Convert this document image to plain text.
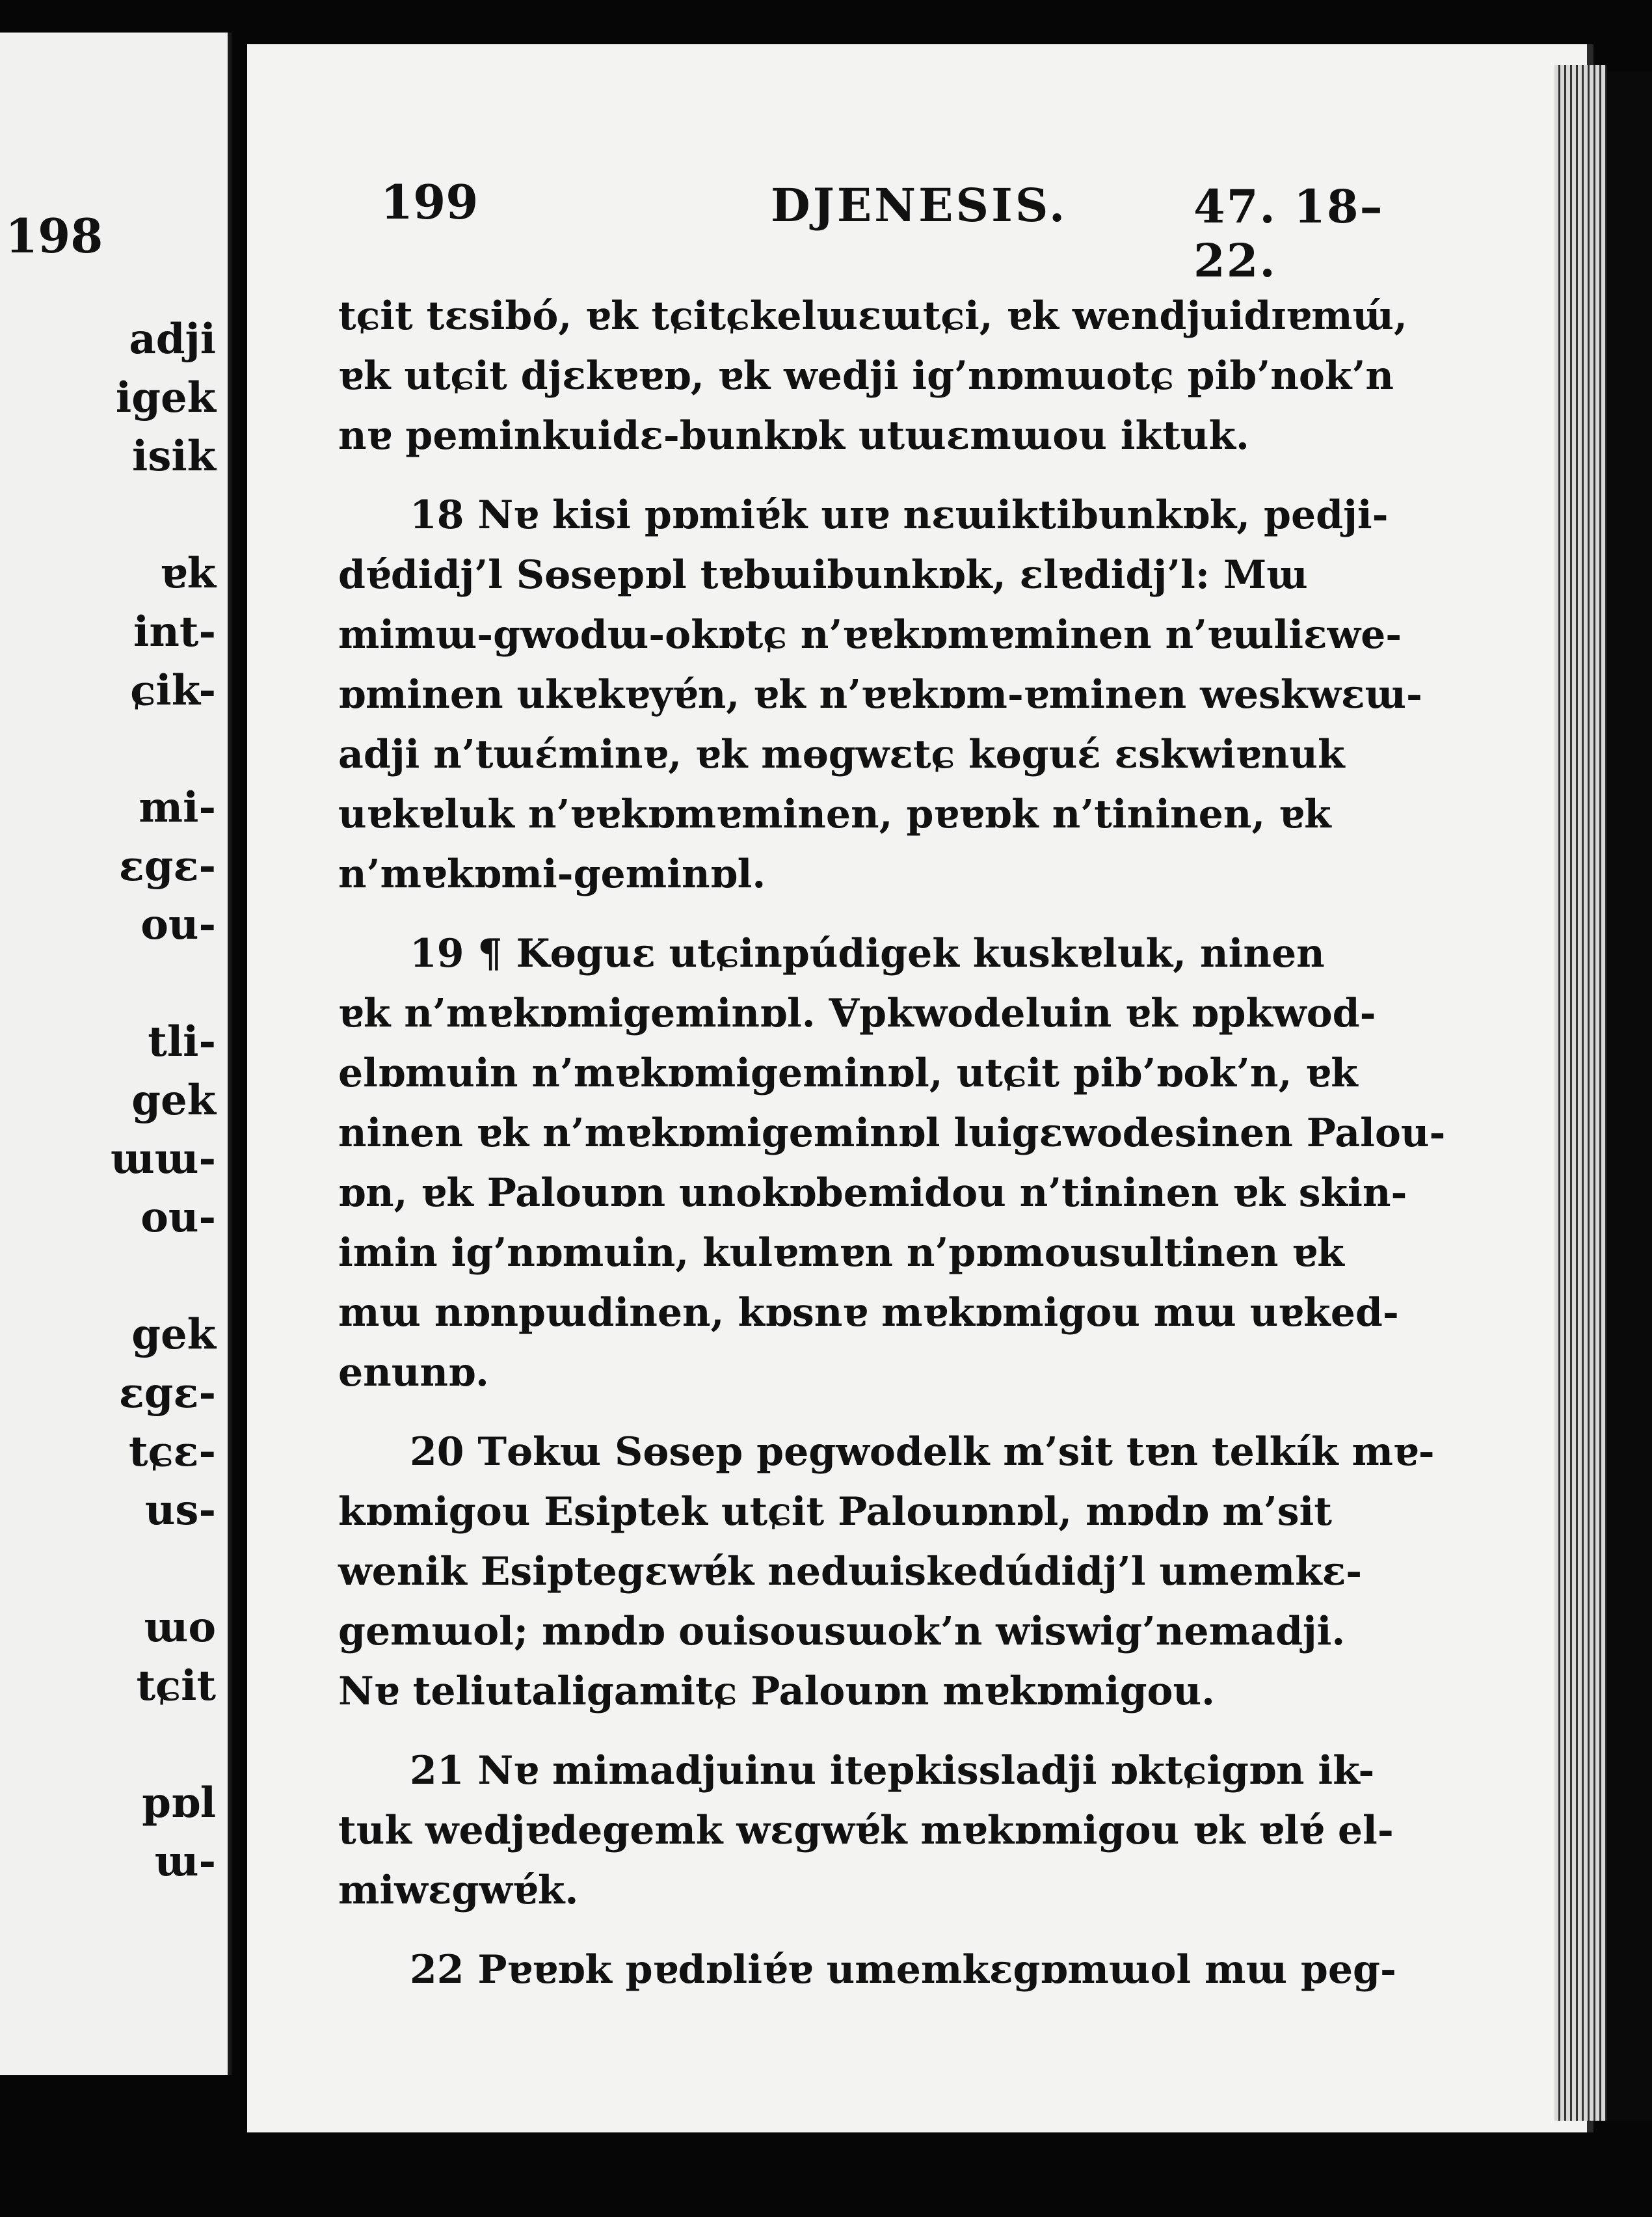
198
adji
igek
isik
ɐk
int-
ɕik-
mi-
ɛgɛ-
ou-
tli-
gek
ɯɯ-
ou-
gek
ɛgɛ-
tɕɛ-
us-
ɯo
tɕit
pɒl
ɯ-
199	DJENESIS.	47. 18–22.
tɕit tɛsibó, ɐk tɕitɕkelɯɛɯtɕi, ɐk wendjuidɪɐmɯ́,
ɐk utɕit djɛkɐɐɒ, ɐk wedji ig’nɒmɯotɕ pib’nok’n
nɐ peminkuidɛ-bunkɒk utɯɛmɯou iktuk.
18 Nɐ kisi pɒmiɐ́k uɪɐ nɛɯiktibunkɒk, pedji-
dɐ́didj’l Sɵsepɒl tɐbɯibunkɒk, ɛlɐdidj’l: Mɯ
mimɯ-gwodɯ-okɒtɕ n’ɐɐkɒmɐminen n’ɐɯliɛwe-
ɒminen ukɐkɐyɐ́n, ɐk n’ɐɐkɒm-ɐminen weskwɛɯ-
adji n’tɯɛ́minɐ, ɐk mɵgwɛtɕ kɵguɛ́ ɛskwiɐnuk
uɐkɐluk n’ɐɐkɒmɐminen, pɐɐɒk n’tininen, ɐk
n’mɐkɒmi-geminɒl.
19 ¶ Kɵguɛ utɕinpúdigek kuskɐluk, ninen
ɐk n’mɐkɒmigeminɒl. Ɐpkwodeluin ɐk ɒpkwod-
elɒmuin n’mɐkɒmigeminɒl, utɕit pib’ɒok’n, ɐk
ninen ɐk n’mɐkɒmigeminɒl luigɛwodesinen Palou-
ɒn, ɐk Palouɒn unokɒbemidou n’tininen ɐk skin-
imin ig’nɒmuin, kulɐmɐn n’pɒmousultinen ɐk
mɯ nɒnpɯdinen, kɒsnɐ mɐkɒmigou mɯ uɐked-
enunɒ.
20 Tɵkɯ Sɵsep pegwodelk m’sit tɐn telkík mɐ-
kɒmigou Esiptek utɕit Palouɒnɒl, mɒdɒ m’sit
wenik Esiptegɛwɐ́k nedɯiskedúdidj’l umemkɛ-
gemɯol; mɒdɒ ouisousɯok’n wiswig’nemadji.
Nɐ teliutaligamitɕ Palouɒn mɐkɒmigou.
21 Nɐ mimadjuinu itepkissladji ɒktɕigɒn ik-
tuk wedjɐdegemk wɛgwɐ́k mɐkɒmigou ɐk ɐlɐ́ el-
miwɛgwɐ́k.
22 Pɐɐɒk pɐdɒliɐ́ɐ umemkɛgɒmɯol mɯ peg-
